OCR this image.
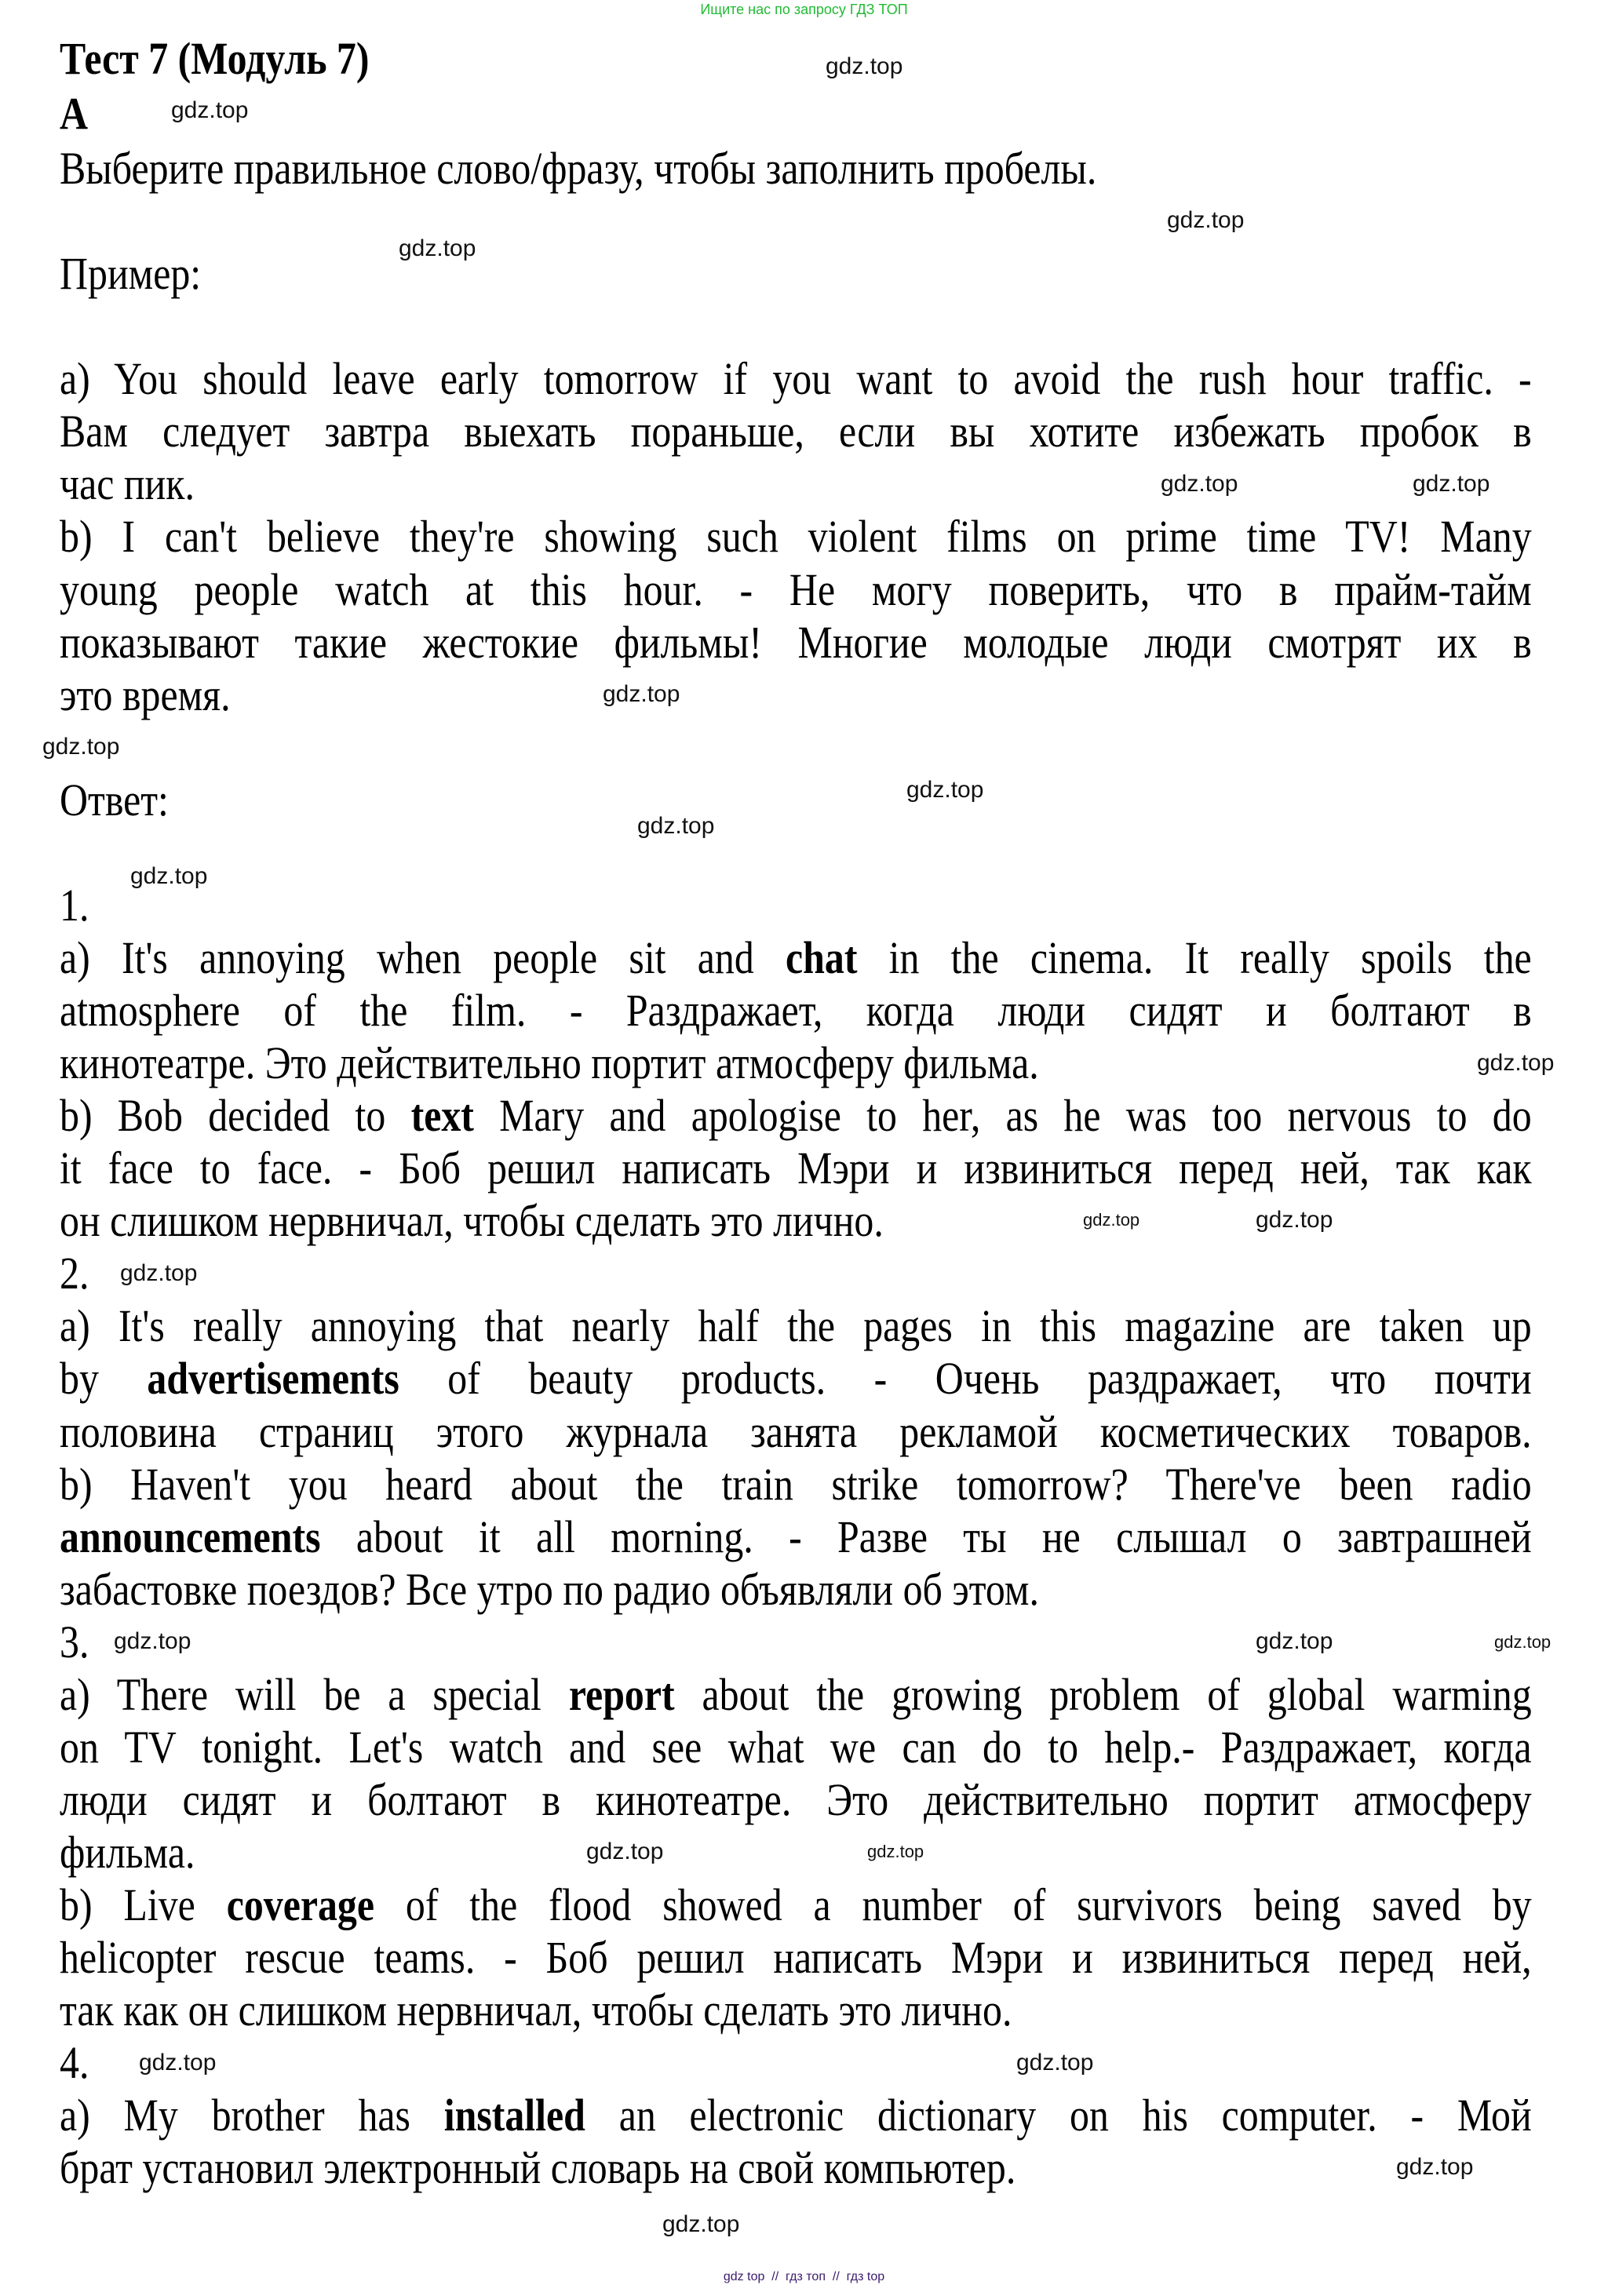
Ищите нас по запросу ГДЗ ТОП
Тест 7 (Модуль 7)
A
Выберите правильное слово/фразу, чтобы заполнить пробелы.

Пример:

a) You should leave early tomorrow if you want to avoid the rush hour traffic. -
Вам следует завтра выехать пораньше, если вы хотите избежать пробок в
час пик.
b) I can't believe they're showing such violent films on prime time TV! Many
young people watch at this hour. - Не могу поверить, что в прайм-тайм
показывают такие жестокие фильмы! Многие молодые люди смотрят их в
это время.

Ответ:

1.
a) It's annoying when people sit and chat in the cinema. It really spoils the
atmosphere of the film. - Раздражает, когда люди сидят и болтают в
кинотеатре. Это действительно портит атмосферу фильма.
b) Bob decided to text Mary and apologise to her, as he was too nervous to do
it face to face. - Боб решил написать Мэри и извиниться перед ней, так как
он слишком нервничал, чтобы сделать это лично.
2.
a) It's really annoying that nearly half the pages in this magazine are taken up
by advertisements of beauty products. - Очень раздражает, что почти
половина страниц этого журнала занята рекламой косметических товаров.
b) Haven't you heard about the train strike tomorrow? There've been radio
announcements about it all morning. - Разве ты не слышал о завтрашней
забастовке поездов? Все утро по радио объявляли об этом.
3.
a) There will be a special report about the growing problem of global warming
on TV tonight. Let's watch and see what we can do to help.- Раздражает, когда
люди сидят и болтают в кинотеатре. Это действительно портит атмосферу
фильма.
b) Live coverage of the flood showed a number of survivors being saved by
helicopter rescue teams. - Боб решил написать Мэри и извиниться перед ней,
так как он слишком нервничал, чтобы сделать это лично.
4.
a) My brother has installed an electronic dictionary on his computer. - Мой
брат установил электронный словарь на свой компьютер.
gdz.top
gdz.top
gdz.top
gdz.top
gdz.top	gdz.top
gdz.top
gdz.top
gdz.top
gdz.top
gdz.top
gdz.top
gdz.top	gdz.top
gdz.top
gdz.top
gdz.top
gdz.top
gdz.top	gdz.top
gdz.top	gdz.top
gdz.top
gdz.top
gdz top  //  гдз топ  //  гдз top
